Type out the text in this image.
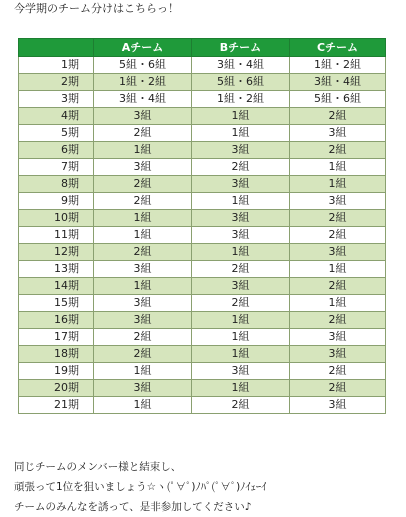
今学期のチーム分けはこちらっ！
	Aチーム	Bチーム	Cチーム
1期	5組・6組	3組・4組	1組・2組
2期	1組・2組	5組・6組	3組・4組
3期	3組・4組	1組・2組	5組・6組
4期	3組	1組	2組
5期	2組	1組	3組
6期	1組	3組	2組
7期	3組	2組	1組
8期	2組	3組	1組
9期	2組	1組	3組
10期	1組	3組	2組
11期	1組	3組	2組
12期	2組	1組	3組
13期	3組	2組	1組
14期	1組	3組	2組
15期	3組	2組	1組
16期	3組	1組	2組
17期	2組	1組	3組
18期	2組	1組	3組
19期	1組	3組	2組
20期	3組	1組	2組
21期	1組	2組	3組
同じチームのメンバー様と結束し、
頑張って1位を狙いましょう☆ヽ(ﾟ∀ﾟ)ﾉﾊﾟ(ﾟ∀ﾟ)ﾉｲｪｰｲ
チームのみんなを誘って、是非参加してください♪
